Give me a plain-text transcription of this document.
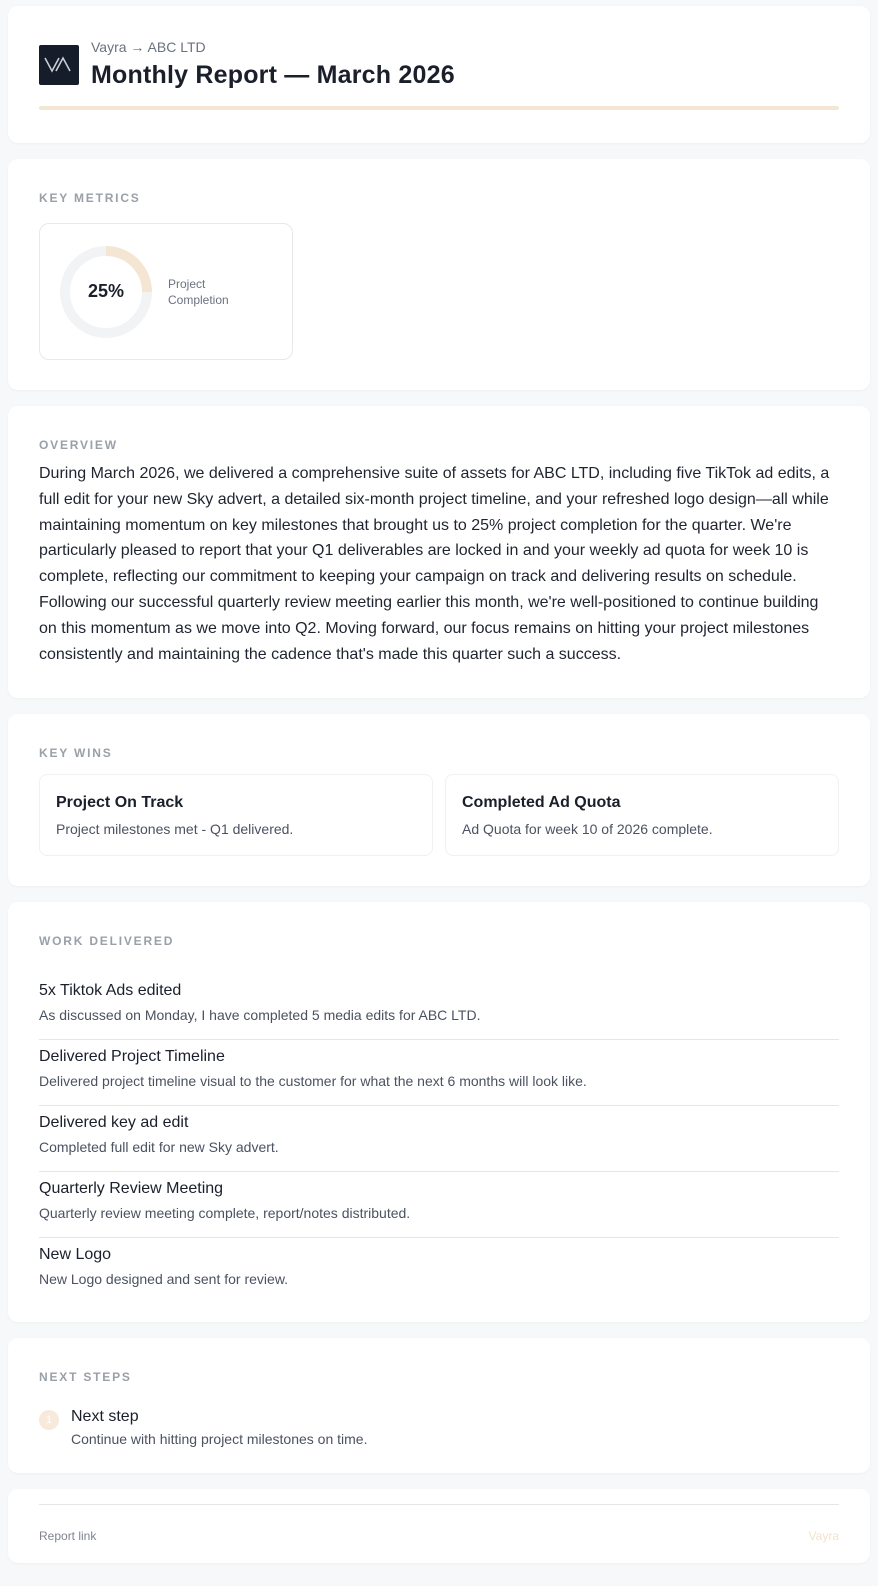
Vayra → ABC LTD
Monthly Report — March 2026
KEY METRICS
25%	Project Completion
OVERVIEW

During March 2026, we delivered a comprehensive suite of assets for ABC LTD, including five TikTok ad edits, a full edit for your new Sky advert, a detailed six-month project timeline, and your refreshed logo design—all while maintaining momentum on key milestones that brought us to 25% project completion for the quarter. We're particularly pleased to report that your Q1 deliverables are locked in and your weekly ad quota for week 10 is complete, reflecting our commitment to keeping your campaign on track and delivering results on schedule. Following our successful quarterly review meeting earlier this month, we're well-positioned to continue building on this momentum as we move into Q2. Moving forward, our focus remains on hitting your project milestones consistently and maintaining the cadence that's made this quarter such a success.

KEY WINS
Project On Track
Project milestones met - Q1 delivered.
Completed Ad Quota
Ad Quota for week 10 of 2026 complete.
WORK DELIVERED
5x Tiktok Ads edited
As discussed on Monday, I have completed 5 media edits for ABC LTD.
Delivered Project Timeline
Delivered project timeline visual to the customer for what the next 6 months will look like.
Delivered key ad edit
Completed full edit for new Sky advert.
Quarterly Review Meeting
Quarterly review meeting complete, report/notes distributed.
New Logo
New Logo designed and sent for review.
NEXT STEPS
1	Next step
Continue with hitting project milestones on time.
Report link	Vayra
